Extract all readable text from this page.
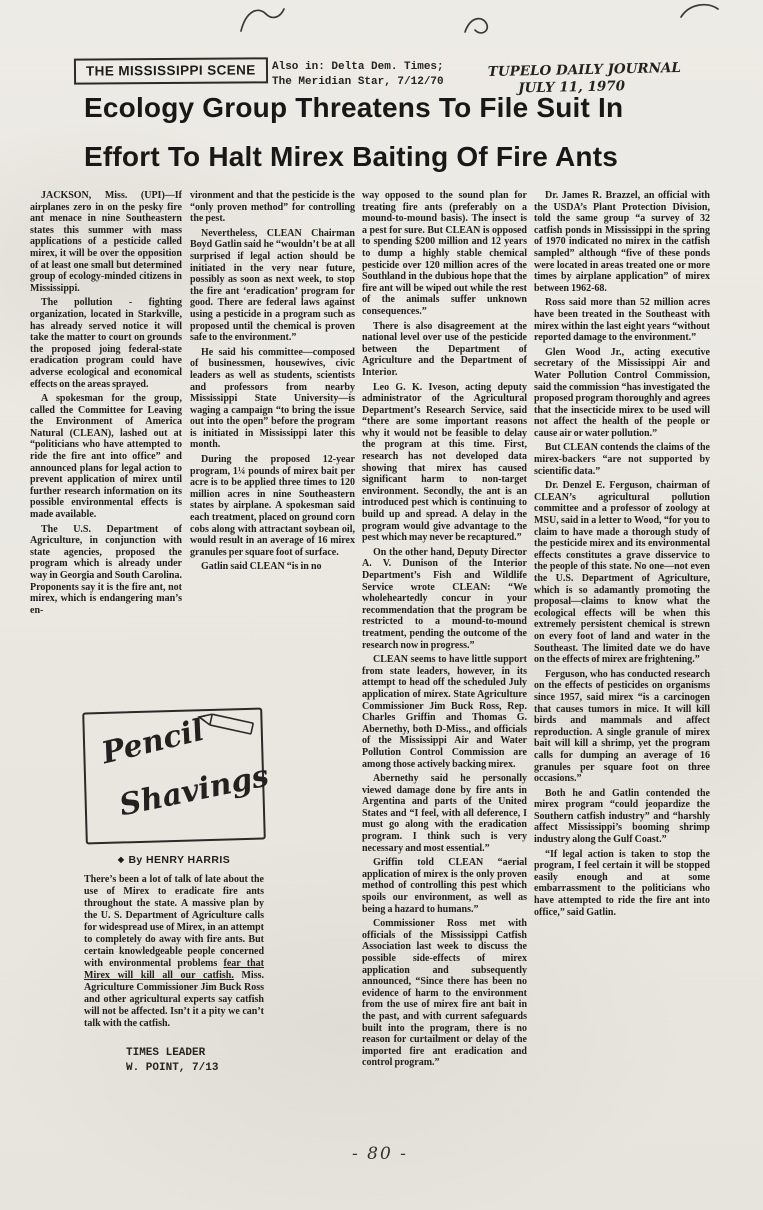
THE MISSISSIPPI SCENE	Also in: Delta Dem. Times;
The Meridian Star, 7/12/70
TUPELO DAILY JOURNAL
JULY 11, 1970
Ecology Group Threatens To File Suit In
Effort To Halt Mirex Baiting Of Fire Ants

JACKSON, Miss. (UPI)—If airplanes zero in on the pesky fire ant menace in nine Southeastern states this summer with mass applications of a pesticide called mirex, it will be over the opposition of at least one small but determined group of ecology-minded citizens in Mississippi.

The pollution - fighting organization, located in Starkville, has already served notice it will take the matter to court on grounds the proposed joing federal-state eradication program could have adverse ecological and economical effects on the areas sprayed.

A spokesman for the group, called the Committee for Leaving the Environment of America Natural (CLEAN), lashed out at “politicians who have attempted to ride the fire ant into office” and announced plans for legal action to prevent application of mirex until further research information on its possible environmental effects is made available.

The U.S. Department of Agriculture, in conjunction with state agencies, proposed the program which is already under way in Georgia and South Carolina. Proponents say it is the fire ant, not mirex, which is endangering man’s en-

vironment and that the pesticide is the “only proven method” for controlling the pest.

Nevertheless, CLEAN Chairman Boyd Gatlin said he “wouldn’t be at all surprised if legal action should be initiated in the very near future, possibly as soon as next week, to stop the fire ant ‘eradication’ program for good. There are federal laws against using a pesticide in a program such as proposed until the chemical is proven safe to the environment.”

He said his committee—composed of businessmen, housewives, civic leaders as well as students, scientists and professors from nearby Mississippi State University—is waging a campaign “to bring the issue out into the open” before the program is initiated in Mississippi later this month.

During the proposed 12-year program, 1¼ pounds of mirex bait per acre is to be applied three times to 120 million acres in nine Southeastern states by airplane. A spokesman said each treatment, placed on ground corn cobs along with attractant soybean oil, would result in an average of 16 mirex granules per square foot of surface.

Gatlin said CLEAN “is in no

way opposed to the sound plan for treating fire ants (preferably on a mound-to-mound basis). The insect is a pest for sure. But CLEAN is opposed to spending $200 million and 12 years to dump a highly stable chemical pesticide over 120 million acres of the Southland in the dubious hope that the fire ant will be wiped out while the rest of the animals suffer unknown consequences.”

There is also disagreement at the national level over use of the pesticide between the Department of Agriculture and the Department of Interior.

Leo G. K. Iveson, acting deputy administrator of the Agricultural Department’s Research Service, said “there are some important reasons why it would not be feasible to delay the program at this time. First, research has not developed data showing that mirex has caused significant harm to non-target environment. Secondly, the ant is an introduced pest which is continuing to build up and spread. A delay in the program would give advantage to the pest which may never be recaptured.”

On the other hand, Deputy Director A. V. Dunison of the Interior Department’s Fish and Wildlife Service wrote CLEAN: “We wholeheartedly concur in your recommendation that the program be restricted to a mound-to-mound treatment, pending the outcome of the research now in progress.”

CLEAN seems to have little support from state leaders, however, in its attempt to head off the scheduled July application of mirex. State Agriculture Commissioner Jim Buck Ross, Rep. Charles Griffin and Thomas G. Abernethy, both D-Miss., and officials of the Mississippi Air and Water Pollution Control Commission are among those actively backing mirex.

Abernethy said he personally viewed damage done by fire ants in Argentina and parts of the United States and “I feel, with all deference, I must go along with the eradication program. I think such is very necessary and most essential.”

Griffin told CLEAN “aerial application of mirex is the only proven method of controlling this pest which spoils our environment, as well as being a hazard to humans.”

Commissioner Ross met with officials of the Mississippi Catfish Association last week to discuss the possible side-effects of mirex application and subsequently announced, “Since there has been no evidence of harm to the environment from the use of mirex fire ant bait in the past, and with current safeguards built into the program, there is no reason for curtailment or delay of the imported fire ant eradication and control program.”

Dr. James R. Brazzel, an official with the USDA’s Plant Protection Division, told the same group “a survey of 32 catfish ponds in Mississippi in the spring of 1970 indicated no mirex in the catfish sampled” although “five of these ponds were located in areas treated one or more times by airplane application” of mirex between 1962-68.

Ross said more than 52 million acres have been treated in the Southeast with mirex within the last eight years “without reported damage to the environment.”

Glen Wood Jr., acting executive secretary of the Mississippi Air and Water Pollution Control Commission, said the commission “has investigated the proposed program thoroughly and agrees that the insecticide mirex to be used will not affect the health of the people or cause air or water pollution.”

But CLEAN contends the claims of the mirex-backers “are not supported by scientific data.”

Dr. Denzel E. Ferguson, chairman of CLEAN’s agricultural pollution committee and a professor of zoology at MSU, said in a letter to Wood, “for you to claim to have made a thorough study of the pesticide mirex and its environmental effects constitutes a grave disservice to the people of this state. No one—not even the U.S. Department of Agriculture, which is so adamantly promoting the proposal—claims to know what the ecological effects will be when this extremely persistent chemical is strewn on every foot of land and water in the Southeast. The limited date we do have on the effects of mirex are frightening.”

Ferguson, who has conducted research on the effects of pesticides on organisms since 1957, said mirex “is a carcinogen that causes tumors in mice. It will kill birds and mammals and affect reproduction. A single granule of mirex bait will kill a shrimp, yet the program calls for dumping an average of 16 granules per square foot on three occasions.”

Both he and Gatlin contended the mirex program “could jeopardize the Southern catfish industry” and “harshly affect Mississippi’s booming shrimp industry along the Gulf Coast.”

“If legal action is taken to stop the program, I feel certain it will be stopped easily enough and at some embarrassment to the politicians who have attempted to ride the fire ant into office,” said Gatlin.

Pencil
Shavings
◆ By HENRY HARRIS

There’s been a lot of talk of late about the use of Mirex to eradicate fire ants throughout the state. A massive plan by the U. S. Department of Agriculture calls for widespread use of Mirex, in an attempt to completely do away with fire ants. But certain knowledgeable people concerned with environmental problems fear that Mirex will kill all our catfish. Miss. Agriculture Commissioner Jim Buck Ross and other agricultural experts say catfish will not be affected. Isn’t it a pity we can’t talk with the catfish.

TIMES LEADER
W. POINT, 7/13
- 80 -
